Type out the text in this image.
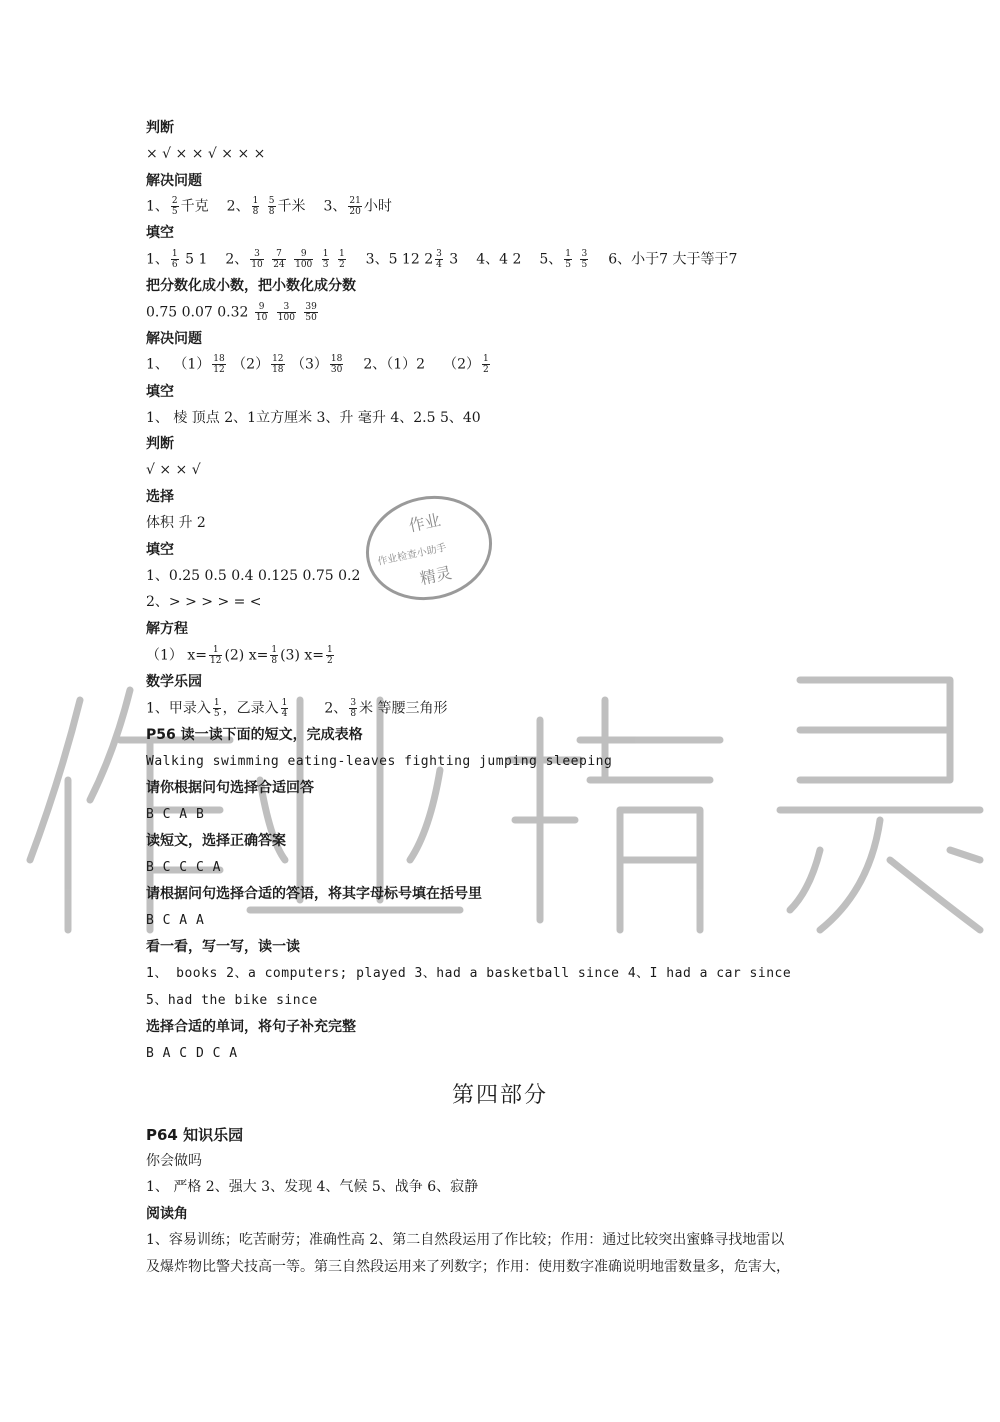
作业
作业检查小助手
精灵
判断
× √ × × √ × × ×
解决问题
1、 $\frac{2}{5}$ 千克 2、 $\frac{1}{8}$
$\frac{5}{8}$ 千米 3、 $\frac{21}{20}$ 小时
填空
1、 $\frac{1}{6} 5$ 1 2、 $\frac{3}{10}$
$\frac{7}{24}$
$\frac{9}{100}$
$\frac{1}{3}$
$\frac{1}{2} 3$、5 12 $2 \frac{3}{4} 3$ 4、4 2 5、 $\frac{1}{5}$
$\frac{3}{5} 6$、小于7 大于等于7
把分数化成小数，把小数化成分数
0.75 0.07 $0.32 \frac{9}{10}$
$\frac{3}{100}$
$\frac{39}{50}$
解决问题
1、 $(1) \frac{18}{12} (2) \frac{12}{18} (3) \frac{18}{30} 2$、（1）2 $(2) \frac{1}{2}$
填空
1、 棱 顶点 2、1立方厘米 3、升 毫升 4、2.5 5、40
判断
√ × × √
选择
体积 升 2
填空
1、0.25 0.5 0.4 0.125 0.75 0.2
2、> > > > = <
解方程
（1） $x= \frac{1}{12} (2)$ $x= \frac{1}{8} (3)$ $x= \frac{1}{2}$
数学乐园
1、甲录入 $\frac{1}{5}$ ，乙录入 $\frac{1}{4}$	2、 $\frac{3}{8}$ 米 等腰三角形
P56 读一读下面的短文，完成表格
Walking swimming eating-leaves fighting jumping sleeping
请你根据问句选择合适回答
B C A B
读短文，选择正确答案
B C C C A
请根据问句选择合适的答语，将其字母标号填在括号里
B C A A
看一看，写一写，读一读
1、 books 2、a computers; played 3、had a basketball since 4、I had a car since
5、had the bike since
选择合适的单词，将句子补充完整
B A C D C A
第四部分
P64 知识乐园
你会做吗
1、 严格 2、强大 3、发现 4、气候 5、战争 6、寂静
阅读角
1、容易训练；吃苦耐劳；准确性高 2、第二自然段运用了作比较；作用：通过比较突出蜜蜂寻找地雷以
及爆炸物比警犬技高一等。第三自然段运用来了列数字；作用：使用数字准确说明地雷数量多，危害大，
